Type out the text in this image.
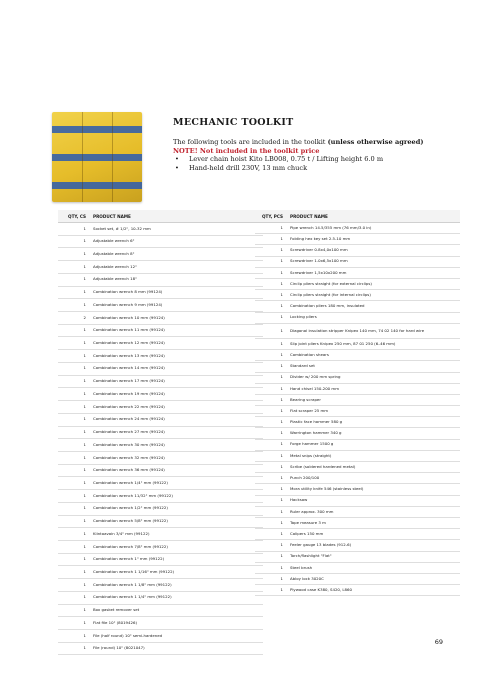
MECHANIC TOOLKIT
The following tools are included in the toolkit (unless otherwise agreed)
NOTE! Not included in the toolkit price
• Lever chain hoist Kito LB008, 0.75 t / Lifting height 6.0 m
• Hand-held drill 230V, 13 mm chuck
QTY, CS	PRODUCT NAME
1	Socket set, # 1/2", 10-32 mm
1	Adjustable wrench 6"
1	Adjustable wrench 8"
1	Adjustable wrench 12"
1	Adjustable wrench 18"
1	Combination wrench 8 mm (99124)
1	Combination wrench 9 mm (99124)
2	Combination wrench 10 mm (99124)
1	Combination wrench 11 mm (99124)
1	Combination wrench 12 mm (99124)
1	Combination wrench 13 mm (99124)
1	Combination wrench 14 mm (99124)
1	Combination wrench 17 mm (99124)
1	Combination wrench 19 mm (99124)
1	Combination wrench 22 mm (99124)
1	Combination wrench 24 mm (99124)
1	Combination wrench 27 mm (99124)
1	Combination wrench 30 mm (99124)
1	Combination wrench 32 mm (99124)
1	Combination wrench 36 mm (99124)
1	Combination wrench 1/4" mm (99122)
1	Combination wrench 11/32" mm (99122)
1	Combination wrench 1/2" mm (99122)
1	Combination wrench 5/8" mm (99122)
1	Kiintoavain 3/4" mm (99122)
1	Combination wrench 7/8" mm (99122)
1	Combination wrench 1" mm (99122)
1	Combination wrench 1 1/16" mm (99122)
1	Combination wrench 1 1/8" mm (99122)
1	Combination wrench 1 1/4" mm (99122)
1	Box gasket remover set
1	Flat file 10" (8019426)
1	File (half round) 10" semi-hardened
1	File (round) 10" (8021047)
QTY, PCS	PRODUCT NAME
1	Pipe wrench 14.5/355 mm (76 mm/3.0 in)
1	Folding hex key set 2.5-10 mm
1	Screwdriver 0.8x4,0x100 mm
1	Screwdriver 1.0x6,5x100 mm
1	Screwdriver 1,5x10x200 mm
1	Circlip pliers straight (for external circlips)
1	Circlip pliers straight (for internal circlips)
1	Combination pliers 180 mm, insulated
1	Locking pliers
1	Diagonal insulation stripper Knipex 140 mm, 74 02 140 for hard wire
1	Slip joint pliers Knipex 250 mm, 87 01 250 (6–46 mm)
1	Combination shears
1	Standard set
1	Divider w/ 200 mm spring
1	Hand chisel 150-200 mm
1	Bearing scraper
1	Flat scraper 25 mm
1	Plastic face hammer 580 g
1	Warrington hammer 340 g
1	Forge hammer 1500 g
1	Metal snips (straight)
1	Scribe (soldered hardened metal)
1	Punch 200/100
1	Mora utility knife 546 (stainless steel)
1	Hacksaw
1	Ruler approx. 300 mm
1	Tape measure 3 m
1	Calipers 150 mm
1	Feeler gauge 13 blades (912-6)
1	Torch/flashlight "Flat"
1	Steel brush
1	Abloy lock 3020C
1	Plywood case K380, S420, L860
69
